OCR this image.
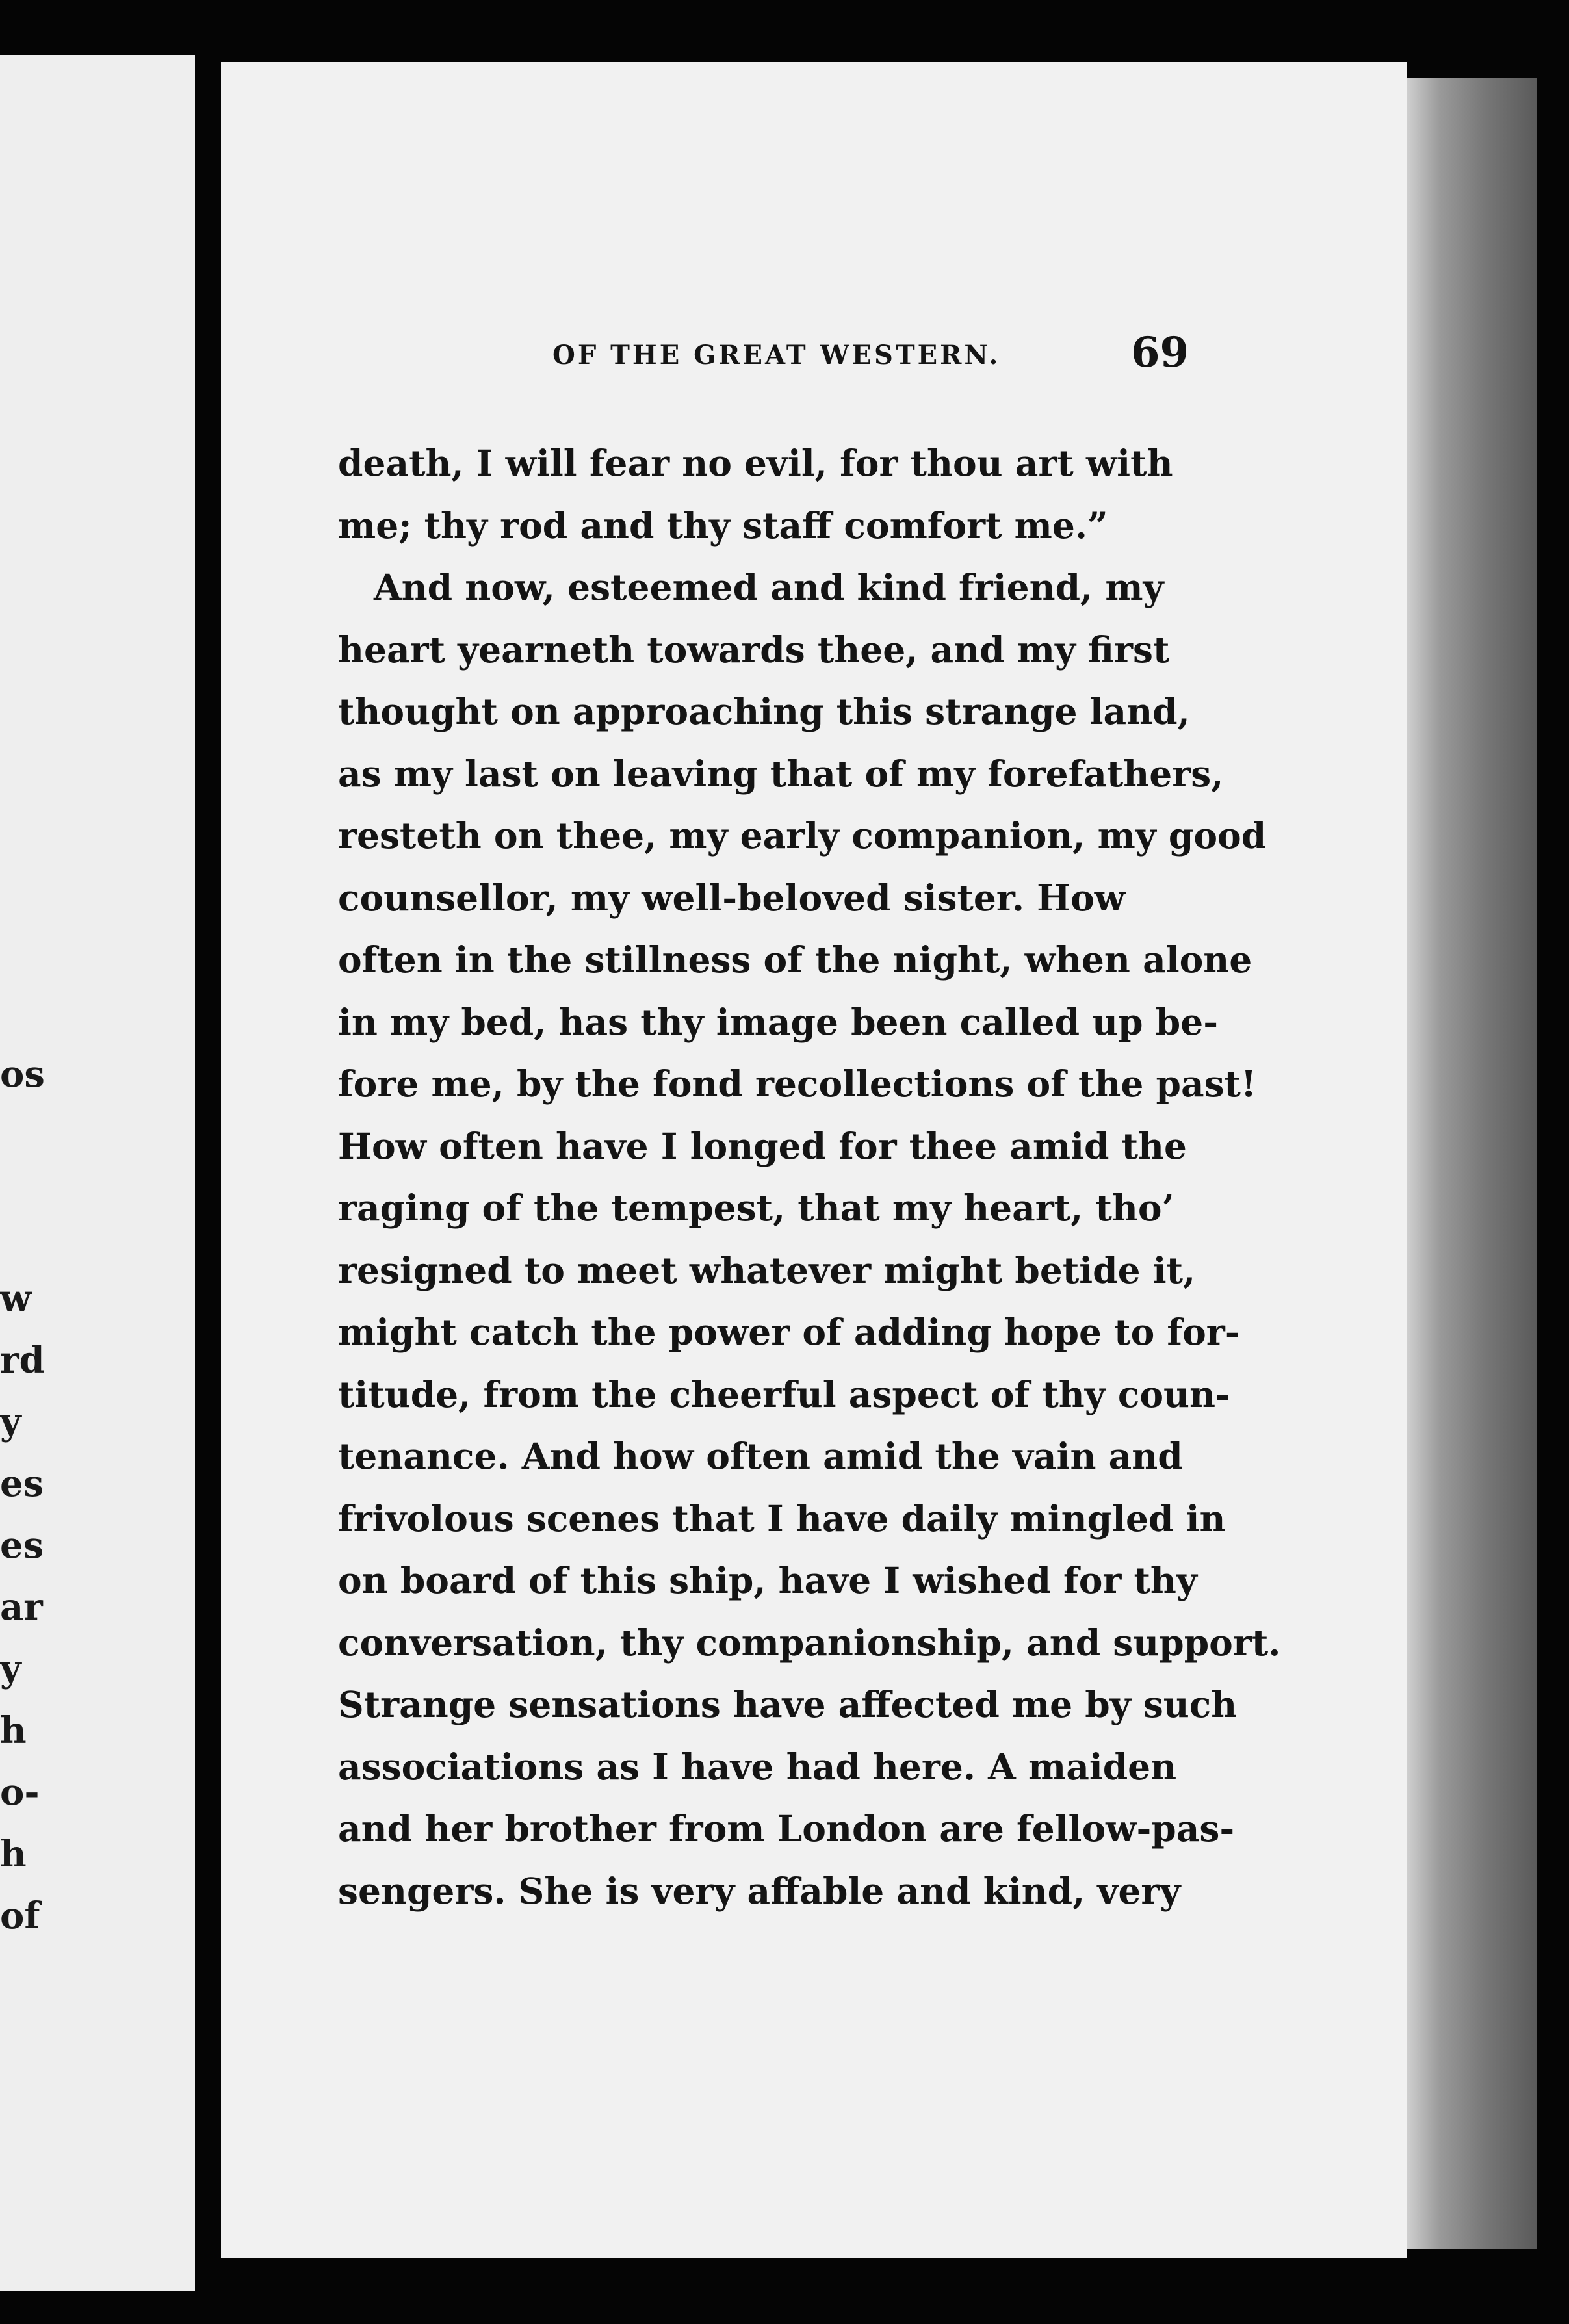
os
w
rd
y
es
es
ar
y
h
o-
h
of
OF THE GREAT WESTERN.	69
death, I will fear no evil, for thou art with
me; thy rod and thy staff comfort me.”
 And now, esteemed and kind friend, my
heart yearneth towards thee, and my first
thought on approaching this strange land,
as my last on leaving that of my forefathers,
resteth on thee, my early companion, my good
counsellor, my well-beloved sister. How
often in the stillness of the night, when alone
in my bed, has thy image been called up be-
fore me, by the fond recollections of the past!
How often have I longed for thee amid the
raging of the tempest, that my heart, tho’
resigned to meet whatever might betide it,
might catch the power of adding hope to for-
titude, from the cheerful aspect of thy coun-
tenance. And how often amid the vain and
frivolous scenes that I have daily mingled in
on board of this ship, have I wished for thy
conversation, thy companionship, and support.
Strange sensations have affected me by such
associations as I have had here. A maiden
and her brother from London are fellow-pas-
sengers. She is very affable and kind, very
